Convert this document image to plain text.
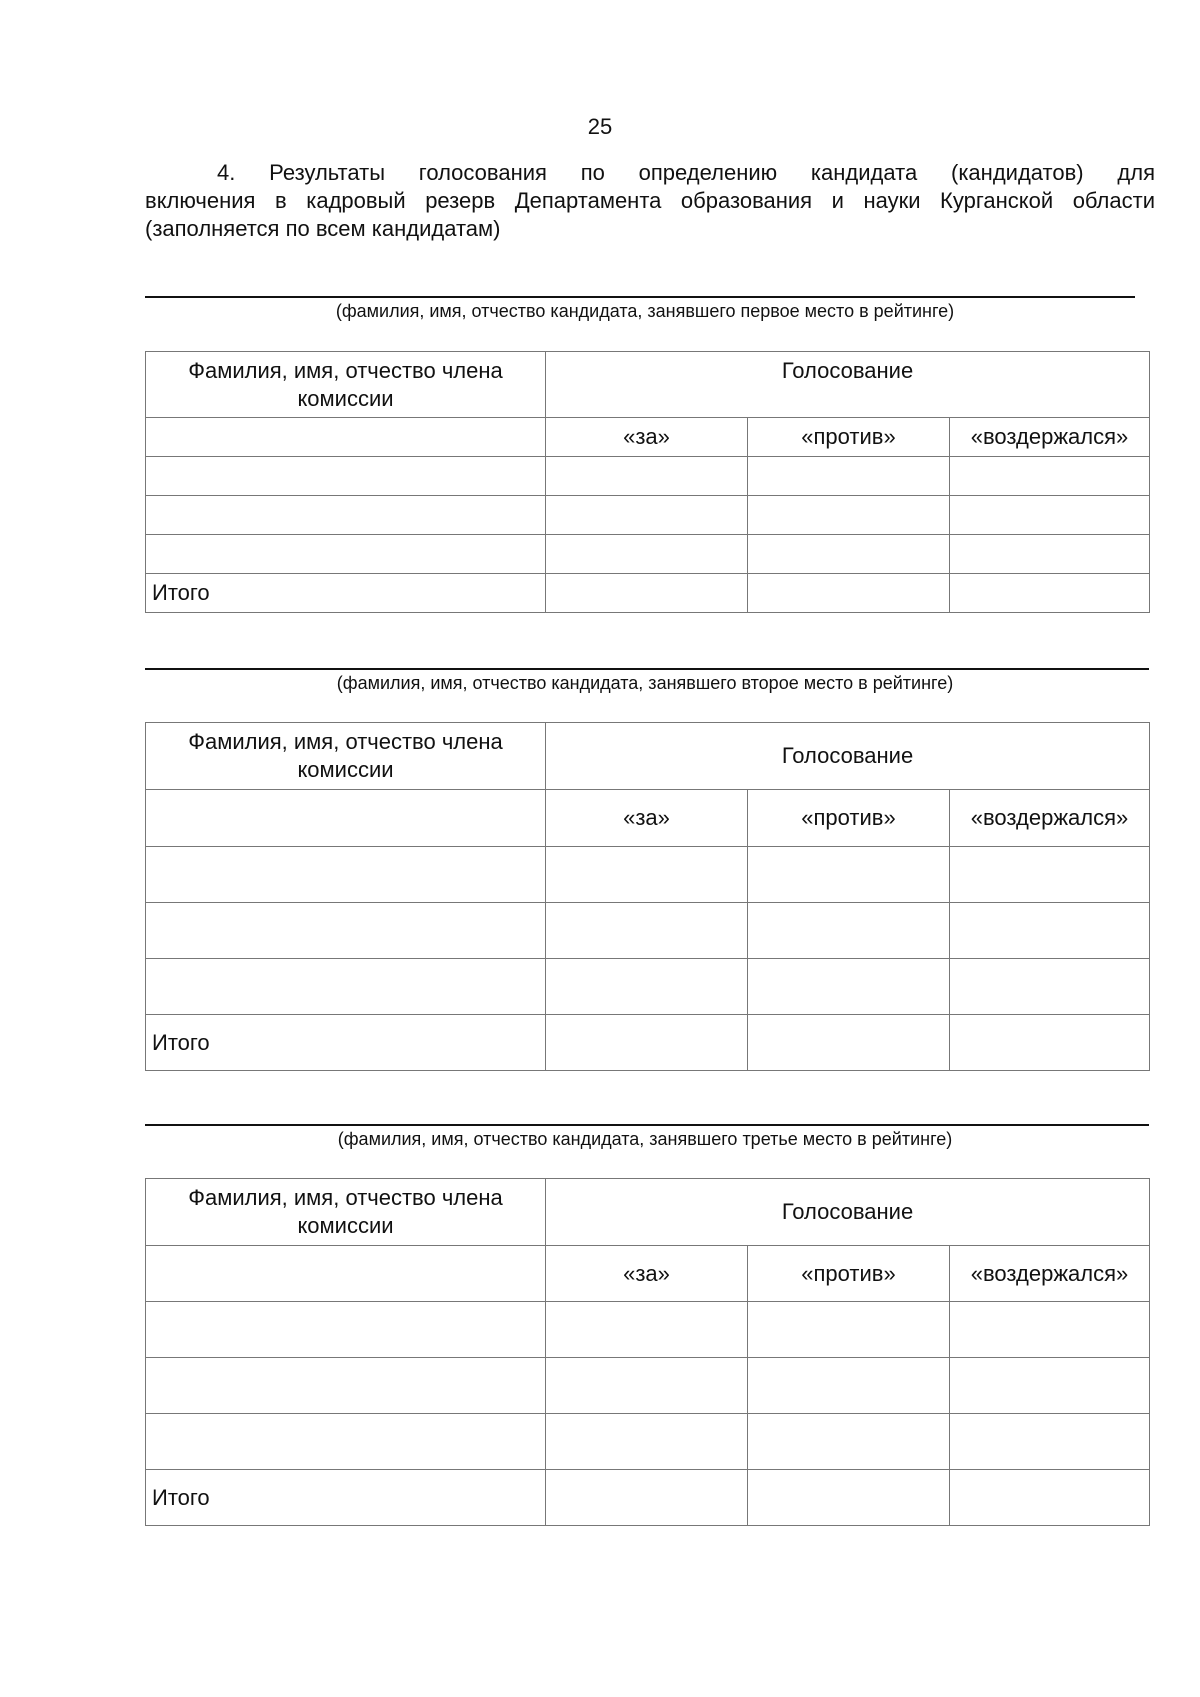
25
4. Результаты голосования по определению кандидата (кандидатов) для
включения в кадровый резерв Департамента образования и науки Курганской области (заполняется по всем кандидатам)
(фамилия, имя, отчество кандидата, занявшего первое место в рейтинге)
Фамилия, имя, отчество члена комиссии	Голосование		
	«за»	«против»	«воздержался»

Итого			
(фамилия, имя, отчество кандидата, занявшего второе место в рейтинге)
Фамилия, имя, отчество члена комиссии	Голосование		
	«за»	«против»	«воздержался»

Итого			
(фамилия, имя, отчество кандидата, занявшего третье место в рейтинге)
Фамилия, имя, отчество члена комиссии	Голосование		
	«за»	«против»	«воздержался»

Итого			
